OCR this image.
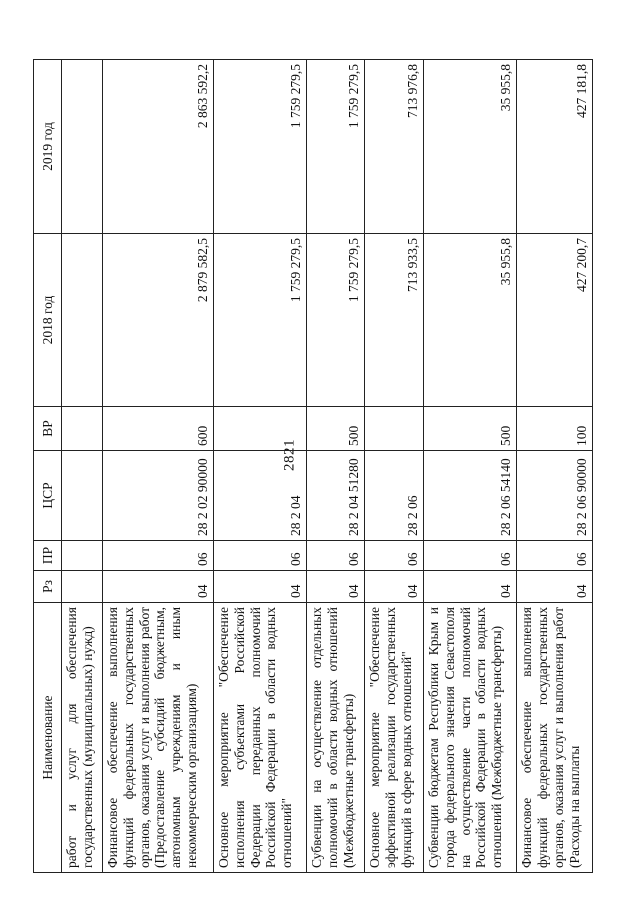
2821
Наименование	Рз	ПР	ЦСР	ВР	2018 год	2019 год
работ и услуг для обеспечения государственных (муниципальных) нужд)						
Финансовое обеспечение выполнения функций федеральных государственных органов, оказания услуг и выполнения работ (Предоставление субсидий бюджетным, автономным учреждениям и иным некоммерческим организациям)	04	06	28 2 02 90000	600	2 879 582,5	2 863 592,2
Основное мероприятие "Обеспечение исполнения субъектами Российской Федерации переданных полномочий Российской Федерации в области водных отношений"	04	06	28 2 04		1 759 279,5	1 759 279,5
Субвенции на осуществление отдельных полномочий в области водных отношений (Межбюджетные трансферты)	04	06	28 2 04 51280	500	1 759 279,5	1 759 279,5
Основное мероприятие "Обеспечение эффективной реализации государственных функций в сфере водных отношений"	04	06	28 2 06		713 933,5	713 976,8
Субвенции бюджетам Республики Крым и города федерального значения Севастополя на осуществление части полномочий Российской Федерации в области водных отношений (Межбюджетные трансферты)	04	06	28 2 06 54140	500	35 955,8	35 955,8
Финансовое обеспечение выполнения функций федеральных государственных органов, оказания услуг и выполнения работ (Расходы на выплаты	04	06	28 2 06 90000	100	427 200,7	427 181,8
